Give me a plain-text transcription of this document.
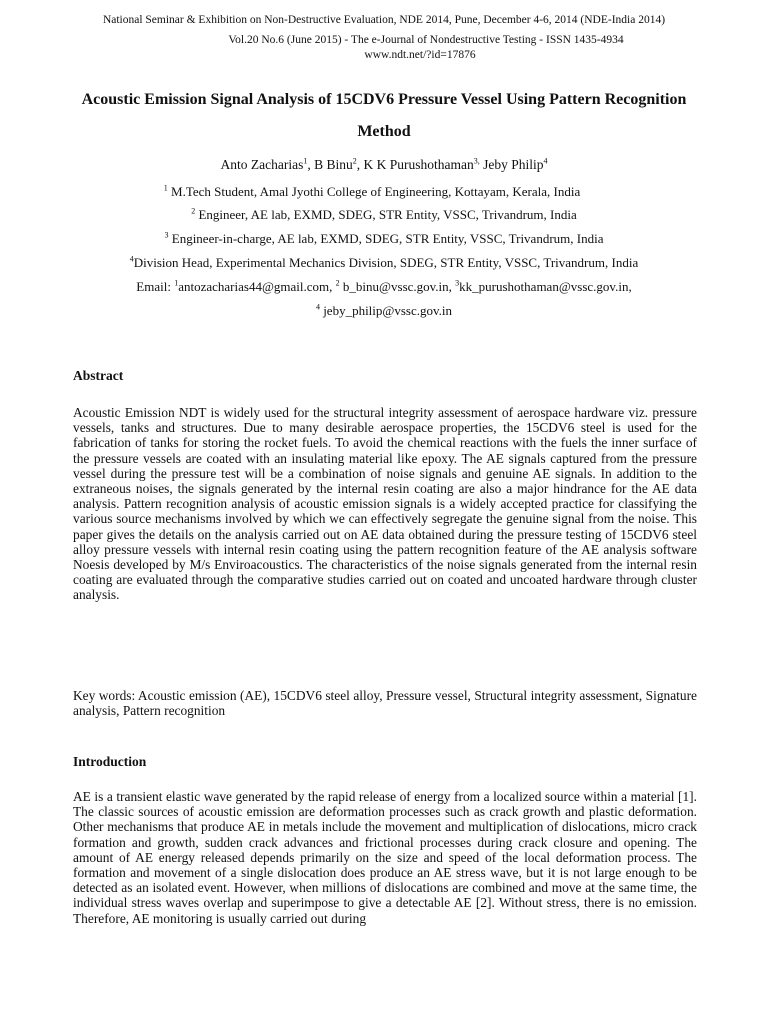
National Seminar & Exhibition on Non-Destructive Evaluation, NDE 2014, Pune, December 4-6, 2014 (NDE-India 2014)
Vol.20 No.6 (June 2015) - The e-Journal of Nondestructive Testing - ISSN 1435-4934
www.ndt.net/?id=17876
Acoustic Emission Signal Analysis of 15CDV6 Pressure Vessel Using Pattern Recognition Method
Anto Zacharias$^1$, B Binu$^2$, K K Purushothaman$^{3,}$ Jeby Philip$^4$
$^1$ M.Tech Student, Amal Jyothi College of Engineering, Kottayam, Kerala, India
$^2$ Engineer, AE lab, EXMD, SDEG, STR Entity, VSSC, Trivandrum, India
$^3$ Engineer-in-charge, AE lab, EXMD, SDEG, STR Entity, VSSC, Trivandrum, India
$^4$Division Head, Experimental Mechanics Division, SDEG, STR Entity, VSSC, Trivandrum, India
Email: $^1$antozacharias44@gmail.com, $^2$ b_binu@vssc.gov.in, $^3$kk_purushothaman@vssc.gov.in,
$^4$ jeby_philip@vssc.gov.in
Abstract
Acoustic Emission NDT is widely used for the structural integrity assessment of aerospace hardware viz. pressure vessels, tanks and structures. Due to many desirable aerospace properties, the 15CDV6 steel is used for the fabrication of tanks for storing the rocket fuels. To avoid the chemical reactions with the fuels the inner surface of the pressure vessels are coated with an insulating material like epoxy. The AE signals captured from the pressure vessel during the pressure test will be a combination of noise signals and genuine AE signals. In addition to the extraneous noises, the signals generated by the internal resin coating are also a major hindrance for the AE data analysis. Pattern recognition analysis of acoustic emission signals is a widely accepted practice for classifying the various source mechanisms involved by which we can effectively segregate the genuine signal from the noise. This paper gives the details on the analysis carried out on AE data obtained during the pressure testing of 15CDV6 steel alloy pressure vessels with internal resin coating using the pattern recognition feature of the AE analysis software Noesis developed by M/s Enviroacoustics. The characteristics of the noise signals generated from the internal resin coating are evaluated through the comparative studies carried out on coated and uncoated hardware through cluster analysis.
Key words: Acoustic emission (AE), 15CDV6 steel alloy, Pressure vessel, Structural integrity assessment, Signature analysis, Pattern recognition
Introduction
AE is a transient elastic wave generated by the rapid release of energy from a localized source within a material [1]. The classic sources of acoustic emission are deformation processes such as crack growth and plastic deformation. Other mechanisms that produce AE in metals include the movement and multiplication of dislocations, micro crack formation and growth, sudden crack advances and frictional processes during crack closure and opening. The amount of AE energy released depends primarily on the size and speed of the local deformation process. The formation and movement of a single dislocation does produce an AE stress wave, but it is not large enough to be detected as an isolated event. However, when millions of dislocations are combined and move at the same time, the individual stress waves overlap and superimpose to give a detectable AE [2]. Without stress, there is no emission. Therefore, AE monitoring is usually carried out during
